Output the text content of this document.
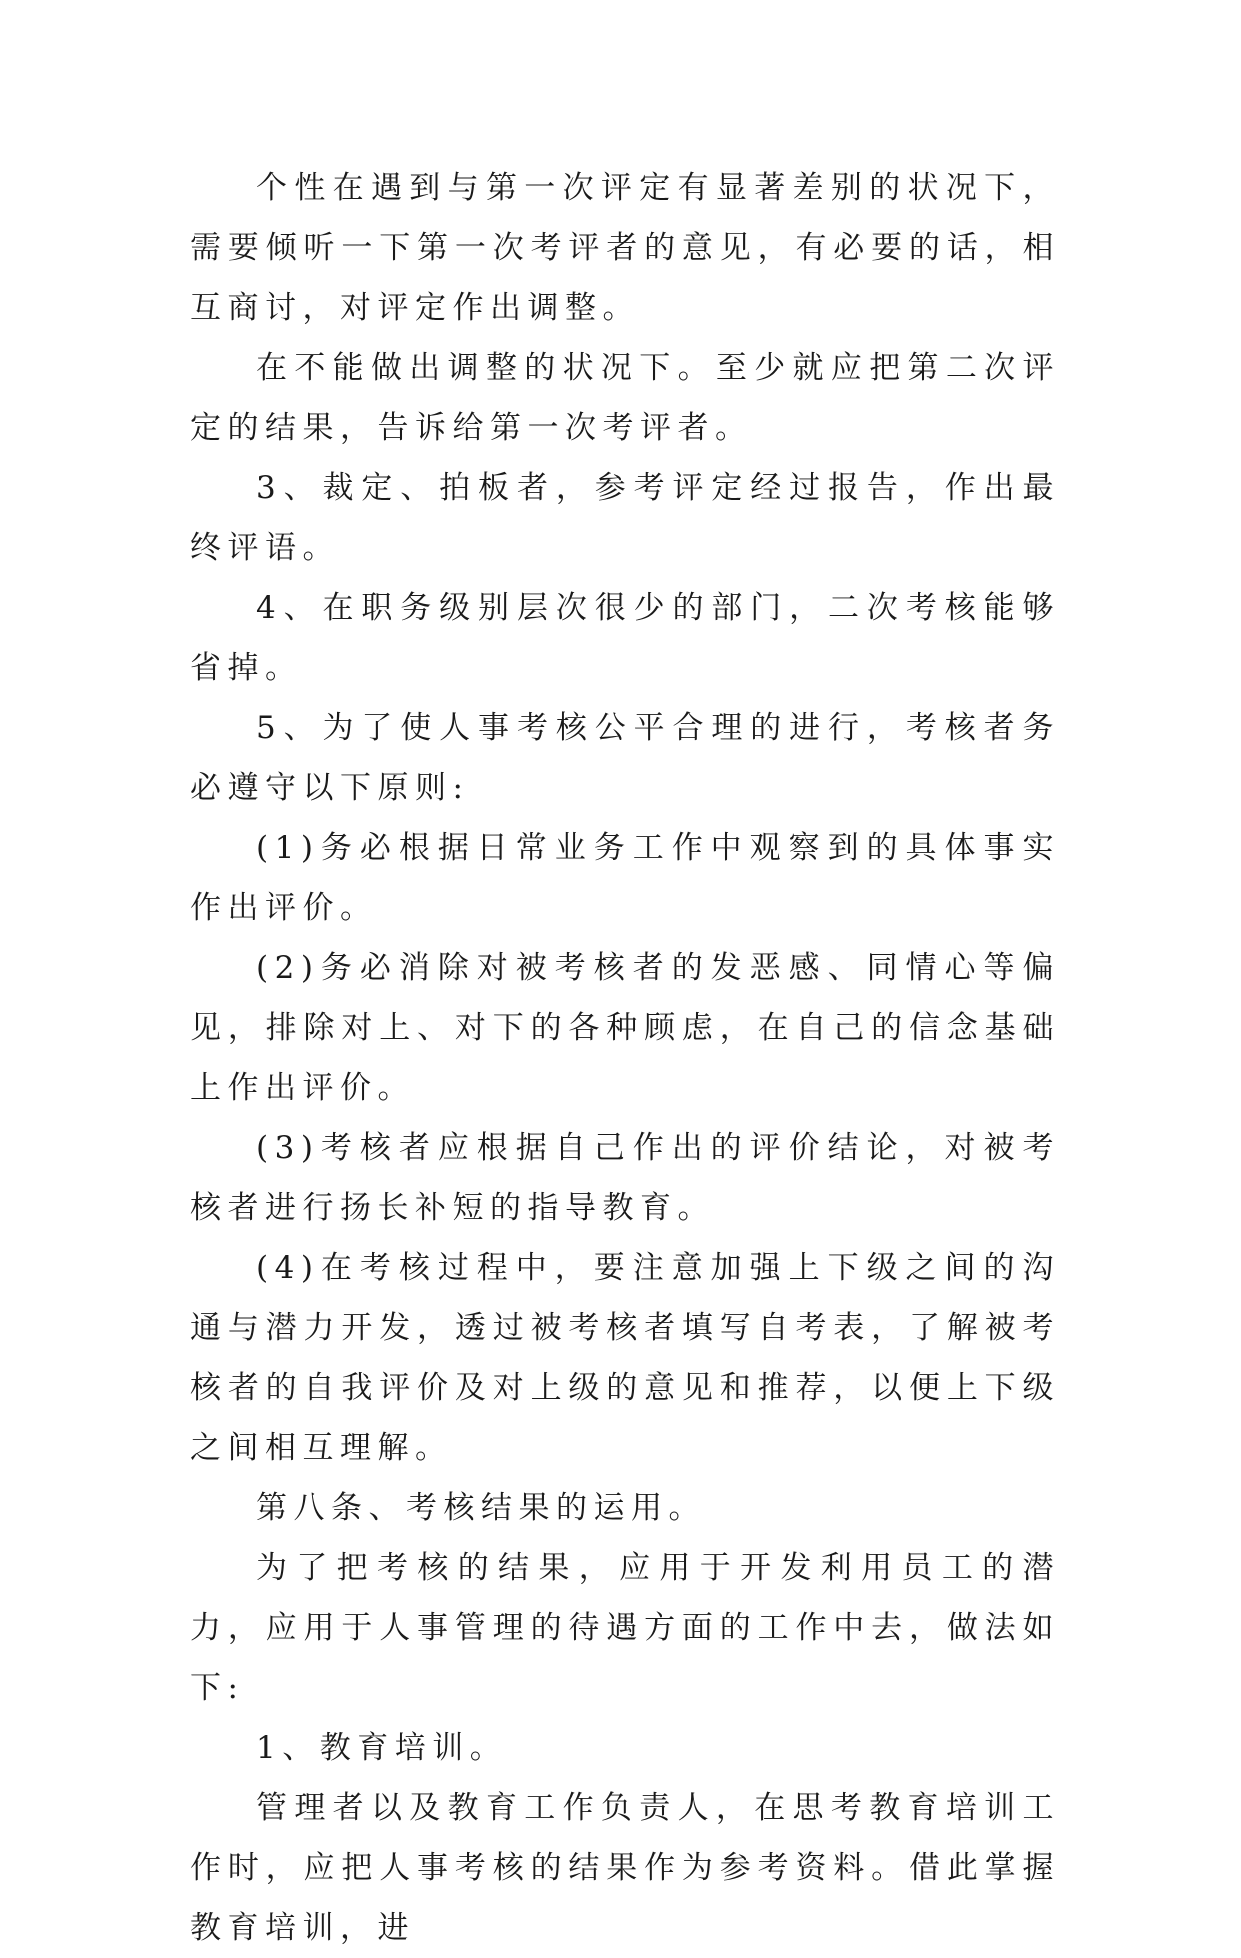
个性在遇到与第一次评定有显著差别的状况下，需要倾听一下第一次考评者的意见，有必要的话，相互商讨，对评定作出调整。

在不能做出调整的状况下。至少就应把第二次评定的结果，告诉给第一次考评者。

3、裁定、拍板者，参考评定经过报告，作出最终评语。

4、在职务级别层次很少的部门，二次考核能够省掉。

5、为了使人事考核公平合理的进行，考核者务必遵守以下原则:

(1)务必根据日常业务工作中观察到的具体事实作出评价。

(2)务必消除对被考核者的发恶感、同情心等偏见，排除对上、对下的各种顾虑，在自己的信念基础上作出评价。

(3)考核者应根据自己作出的评价结论，对被考核者进行扬长补短的指导教育。

(4)在考核过程中，要注意加强上下级之间的沟通与潜力开发，透过被考核者填写自考表，了解被考核者的自我评价及对上级的意见和推荐，以便上下级之间相互理解。

第八条、考核结果的运用。

为了把考核的结果，应用于开发利用员工的潜力，应用于人事管理的待遇方面的工作中去，做法如下:

1、教育培训。

管理者以及教育工作负责人，在思考教育培训工作时，应把人事考核的结果作为参考资料。借此掌握教育培训，进
